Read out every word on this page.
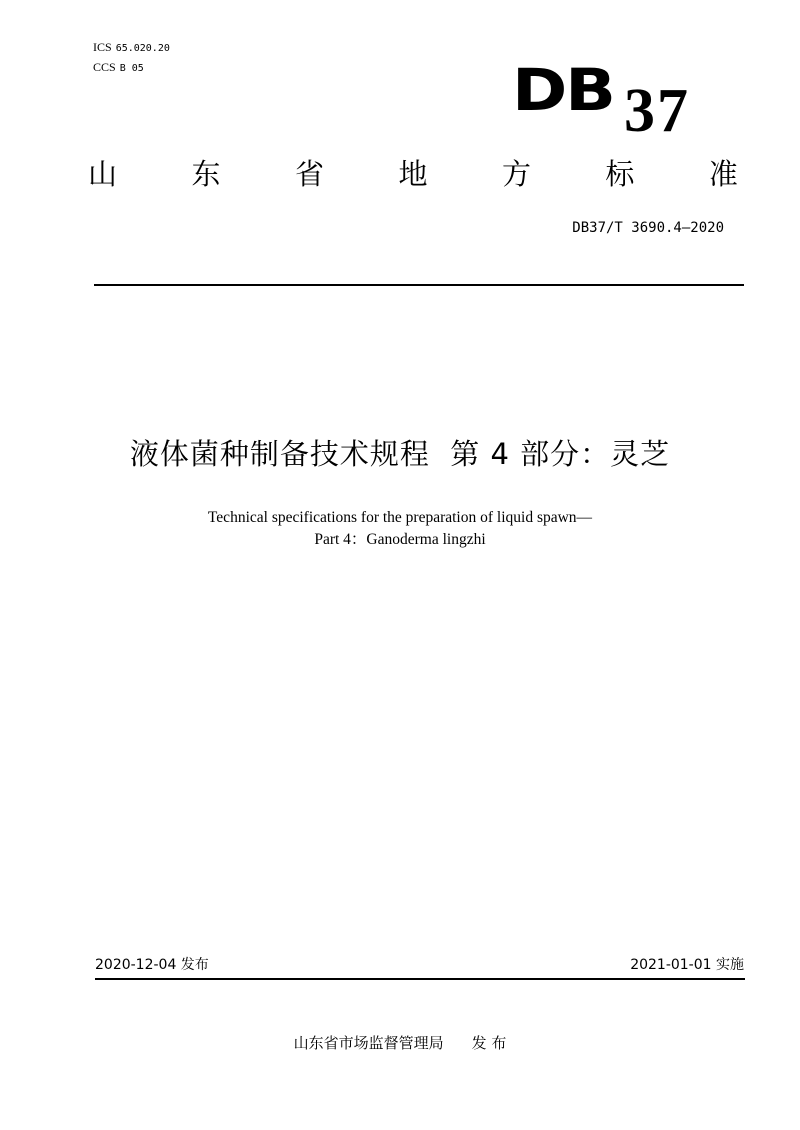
ICS 65.020.20
CCS B 05	DB 37
山	东	省	地	方	标	准
DB37/T 3690.4—2020
液体菌种制备技术规程  第 4 部分：灵芝
Technical specifications for the preparation of liquid spawn—
Part 4：Ganoderma lingzhi
2020-12-04 发布	2021-01-01 实施
山东省市场监督管理局 发 布
